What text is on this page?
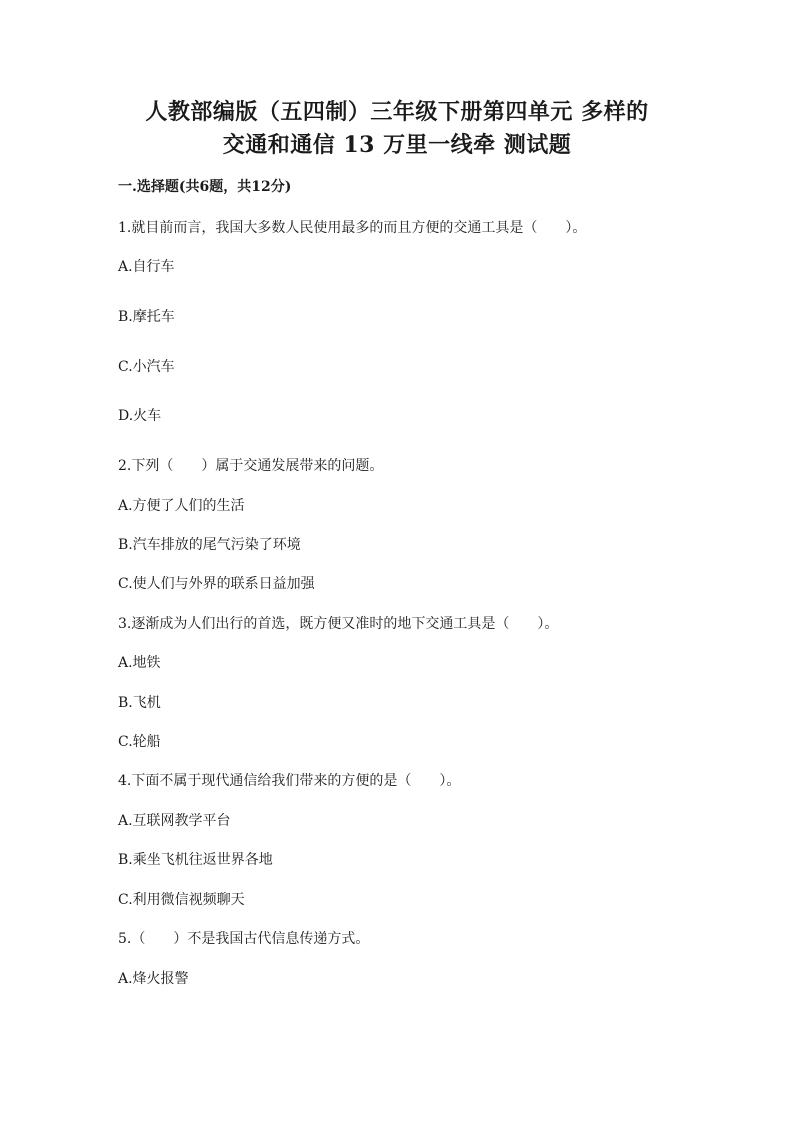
人教部编版（五四制）三年级下册第四单元 多样的
交通和通信 13 万里一线牵 测试题
一.选择题(共6题，共12分)
1.就目前而言，我国大多数人民使用最多的而且方便的交通工具是（　　）。
A.自行车
B.摩托车
C.小汽车
D.火车
2.下列（　　）属于交通发展带来的问题。
A.方便了人们的生活
B.汽车排放的尾气污染了环境
C.使人们与外界的联系日益加强
3.逐渐成为人们出行的首选，既方便又准时的地下交通工具是（　　）。
A.地铁
B.飞机
C.轮船
4.下面不属于现代通信给我们带来的方便的是（　　）。
A.互联网教学平台
B.乘坐飞机往返世界各地
C.利用微信视频聊天
5.（　　）不是我国古代信息传递方式。
A.烽火报警
